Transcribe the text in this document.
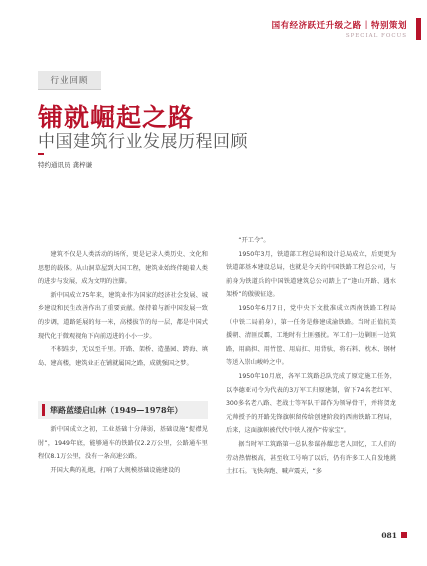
国有经济跃迁升级之路 | 特别策划
SPECIAL FOCUS
行业回顾
铺就崛起之路
中国建筑行业发展历程回顾
特约通讯员 龚梓谦

建筑不仅是人类活动的场所，更是记录人类历史、文化和思想的载体。从山洞草屋到大国工程，建筑业始终伴随着人类的进步与发展，成为文明的注脚。

新中国成立75年来，建筑业作为国家的经济社会发展、城乡建设和民生改善作出了重要贡献。保持着与新中国发展一致的步调，道路延展的每一米，高楼拔节的每一层，都是中国式现代化于微观视角下向前迈进的小小一步。

不积跬步，无以至千里。开路、架桥、造墨园、跨海、填岛、建高楼，建筑业正在铺就属国之路，成就强国之梦。

筚路蓝缕启山林（1949—1978年）

新中国成立之初，工业基础十分薄弱，基础设施“捉襟见肘”，1949年底，能够通车的铁路仅2.2万公里，公路通车里程仅8.1万公里，没有一条高速公路。

开国大典的礼炮，打响了大规模基础设施建设的

“开工令”。

1950年3月，铁道部工程总局和设计总局成立，后更更为铁道部基本建设总局，也就是今天的中国铁路工程总公司，与前身为铁道兵的中国铁道建筑总公司踏上了“逢山开路、遇水架桥”的傲骏征途。

1950年6月7日，党中央下文批准成立西南铁路工程局（中铁二局前身），第一任务是修建成渝铁路。当时正值抗美援朝、清匪反霸，工地时有土匪骚扰。军工们一边剿匪一边筑路，用扁担、用竹筐、用肩扛、用背驮，将石料、枕木、钢材等送入崇山峻岭之中。

1950年10月底，各军工筑路总队完成了原定施工任务，以李德亚司令为代表的3万军工归原建制，留下74名老红军、300多名老八路、老战士等军队干部作为领导骨干，并将贺龙元帅授予的开路先锋旗帜留传给创建阶段的西南铁路工程局，后来，这面旗帜被代代中铁人视作“传家宝”。

据当时军工筑路第一总队参谋孙耀忠老人回忆，工人们的劳动热情极高，甚至收工号响了以后，仍有许多工人自发地挑土扛石。飞快奔跑、喊声震天，“多

081
